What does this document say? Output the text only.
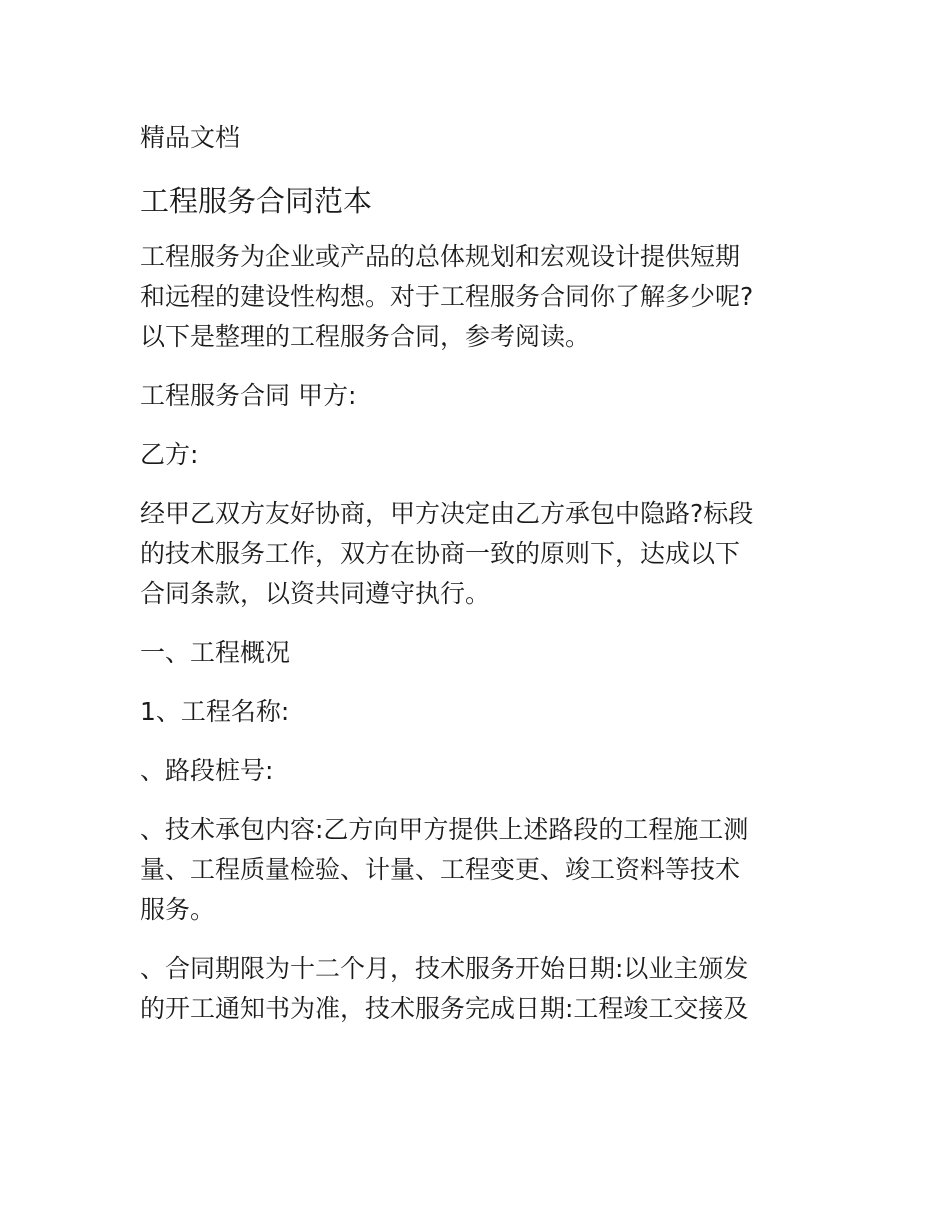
精品文档
工程服务合同范本
工程服务为企业或产品的总体规划和宏观设计提供短期
和远程的建设性构想。对于工程服务合同你了解多少呢?
以下是整理的工程服务合同，参考阅读。
工程服务合同 甲方:
乙方:
经甲乙双方友好协商，甲方决定由乙方承包中隐路?标段
的技术服务工作，双方在协商一致的原则下，达成以下
合同条款，以资共同遵守执行。
一、工程概况
1、工程名称:
、路段桩号:
、技术承包内容:乙方向甲方提供上述路段的工程施工测
量、工程质量检验、计量、工程变更、竣工资料等技术
服务。
、合同期限为十二个月，技术服务开始日期:以业主颁发
的开工通知书为准，技术服务完成日期:工程竣工交接及
